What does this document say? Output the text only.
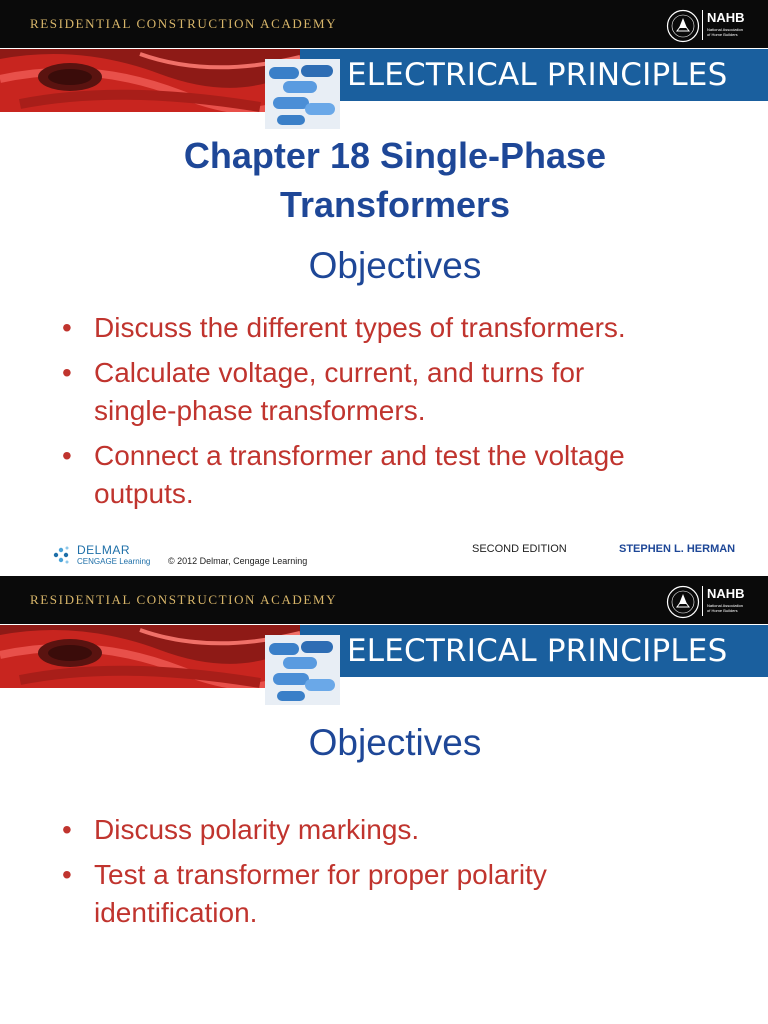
RESIDENTIAL CONSTRUCTION ACADEMY	NAHB
National Association of Home Builders
ELECTRICAL PRINCIPLES
Chapter 18 Single-Phase
Transformers
Objectives
• Discuss the different types of transformers.
• Calculate voltage, current, and turns for
single-phase transformers.
• Connect a transformer and test the voltage
outputs.
DELMAR
CENGAGE Learning © 2012 Delmar, Cengage Learning
SECOND EDITION	STEPHEN L. HERMAN
RESIDENTIAL CONSTRUCTION ACADEMY	NAHB
National Association of Home Builders
ELECTRICAL PRINCIPLES
Objectives
• Discuss polarity markings.
• Test a transformer for proper polarity
identification.
